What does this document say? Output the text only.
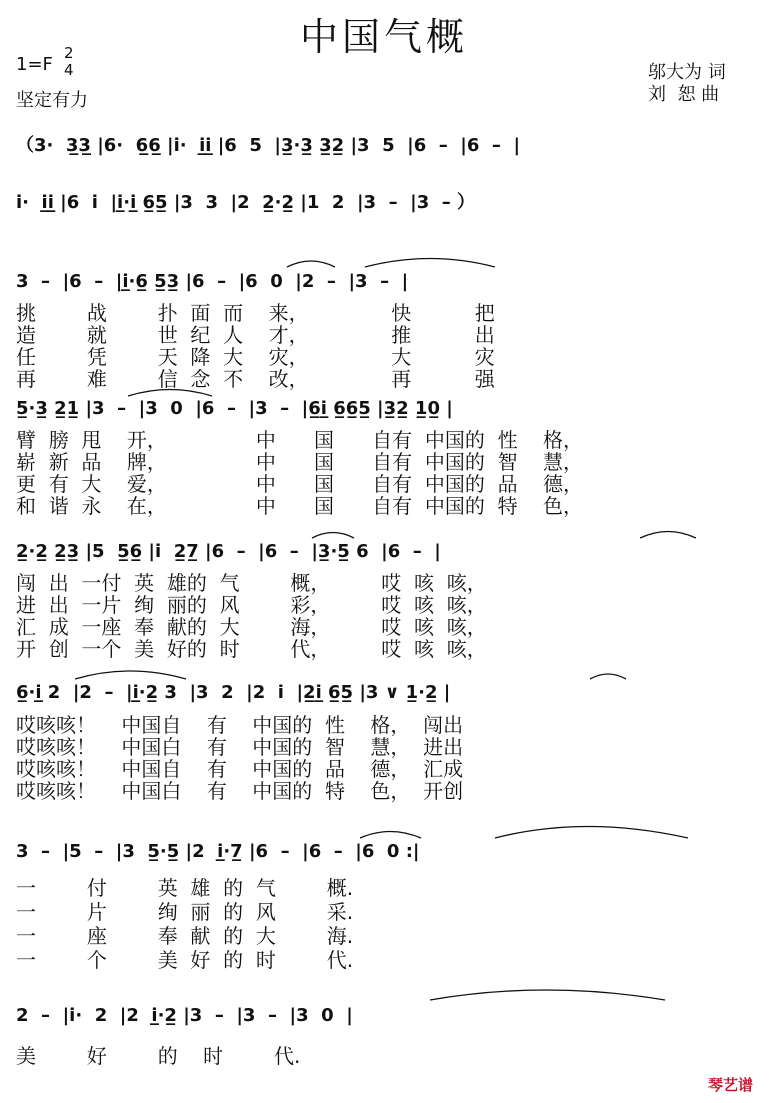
中国气概
1=F
2
4
坚定有力
邬大为 词
刘  恕 曲
（3·  3̲3̲ |6·  6̲6̲ |i·  i̲i̲ |6  5  |3̲·3̲ 3̲2̲ |3  5  |6  –  |6  –  |
i·  i̲i̲ |6  i  |i̲·i̲ 6̲5̲ |3  3  |2  2̲·2̲ |1  2  |3  –  |3  – ）
3  –  |6  –  |i̲·6̲ 5̲3̲ |6  –  |6  0  |2  –  |3  –  |
挑        战        扑  面  而    来，             快          把
造        就        世  纪  人    才，             推          出
任        凭        天  降  大    灾，             大          灾
再        难        信  念  不    改，             再          强
5̲·3̲ 2̲1̲ |3  –  |3  0  |6  –  |3  –  |6̲i̲ 6̲6̲5̲ |3̲2̲ 1̲0̲ |
臂  膀  甩    开，              中      国      自有  中国的  性    格，
崭  新  品    牌，              中      国      自有  中国的  智    慧，
更  有  大    爱，              中      国      自有  中国的  品    德，
和  谐  永    在，              中      国      自有  中国的  特    色，
2̲·2̲ 2̲3̲ |5  5̲6̲ |i  2̲7̲ |6  –  |6  –  |3̲·5̲ 6  |6  –  |
闯  出  一付  英  雄的  气        概，        哎  咳  咳，
进  出  一片  绚  丽的  风        彩，        哎  咳  咳，
汇  成  一座  奉  献的  大        海，        哎  咳  咳，
开  创  一个  美  好的  时        代，        哎  咳  咳，
6̲·i̲ 2  |2  –  |i̲·2̲ 3  |3  2  |2  i  |2̲i̲ 6̲5̲ |3 ∨ 1̲·2̲ |
哎咳咳！    中国自    有    中国的  性    格，  闯出
哎咳咳！    中国白    有    中国的  智    慧，  进出
哎咳咳！    中国自    有    中国的  品    德，  汇成
哎咳咳！    中国白    有    中国的  特    色，  开创
3  –  |5  –  |3  5̲·5̲ |2  i̲·7̲ |6  –  |6  –  |6  0 :|
一        付        英  雄  的  气        概.
一        片        绚  丽  的  风        采.
一        座        奉  献  的  大        海.
一        个        美  好  的  时        代.
2  –  |i·  2  |2  i̲·2̲ |3  –  |3  –  |3  0  |
美        好        的    时        代.
琴艺谱
